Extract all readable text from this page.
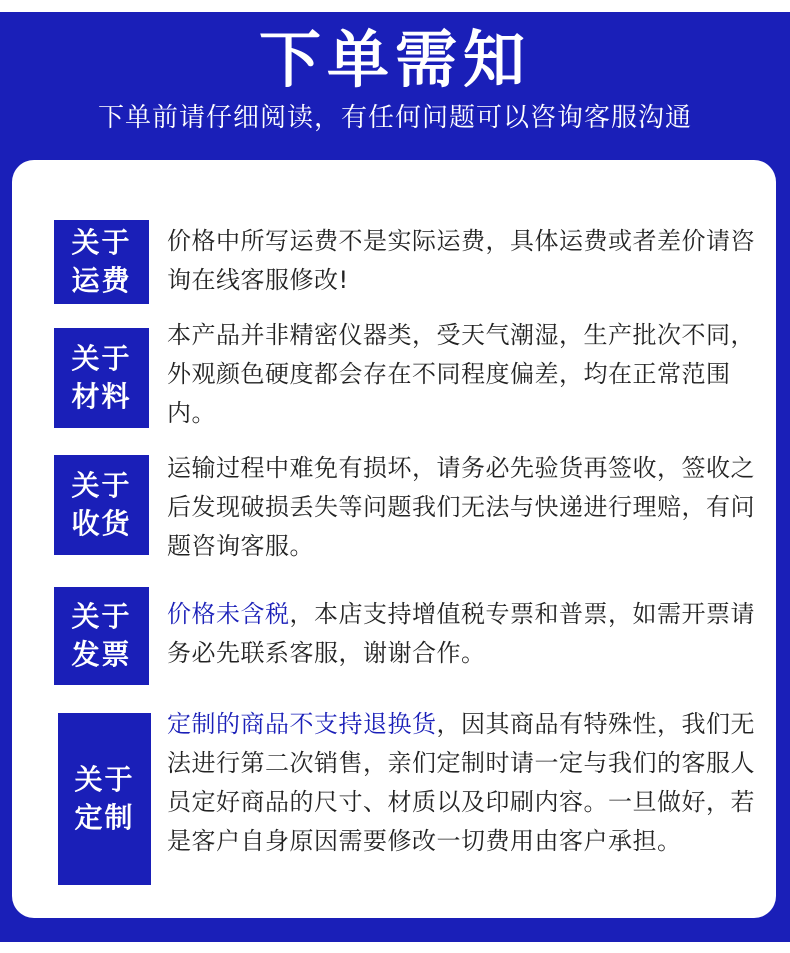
下单需知
下单前请仔细阅读，有任何问题可以咨询客服沟通
关于
运费
价格中所写运费不是实际运费，具体运费或者差价请咨询在线客服修改!
关于
材料
本产品并非精密仪器类，受天气潮湿，生产批次不同，外观颜色硬度都会存在不同程度偏差，均在正常范围内。
关于
收货
运输过程中难免有损坏，请务必先验货再签收，签收之后发现破损丢失等问题我们无法与快递进行理赔，有问题咨询客服。
关于
发票
价格未含税，本店支持增值税专票和普票，如需开票请务必先联系客服，谢谢合作。
关于
定制
定制的商品不支持退换货，因其商品有特殊性，我们无法进行第二次销售，亲们定制时请一定与我们的客服人员定好商品的尺寸、材质以及印刷内容。一旦做好，若是客户自身原因需要修改一切费用由客户承担。
